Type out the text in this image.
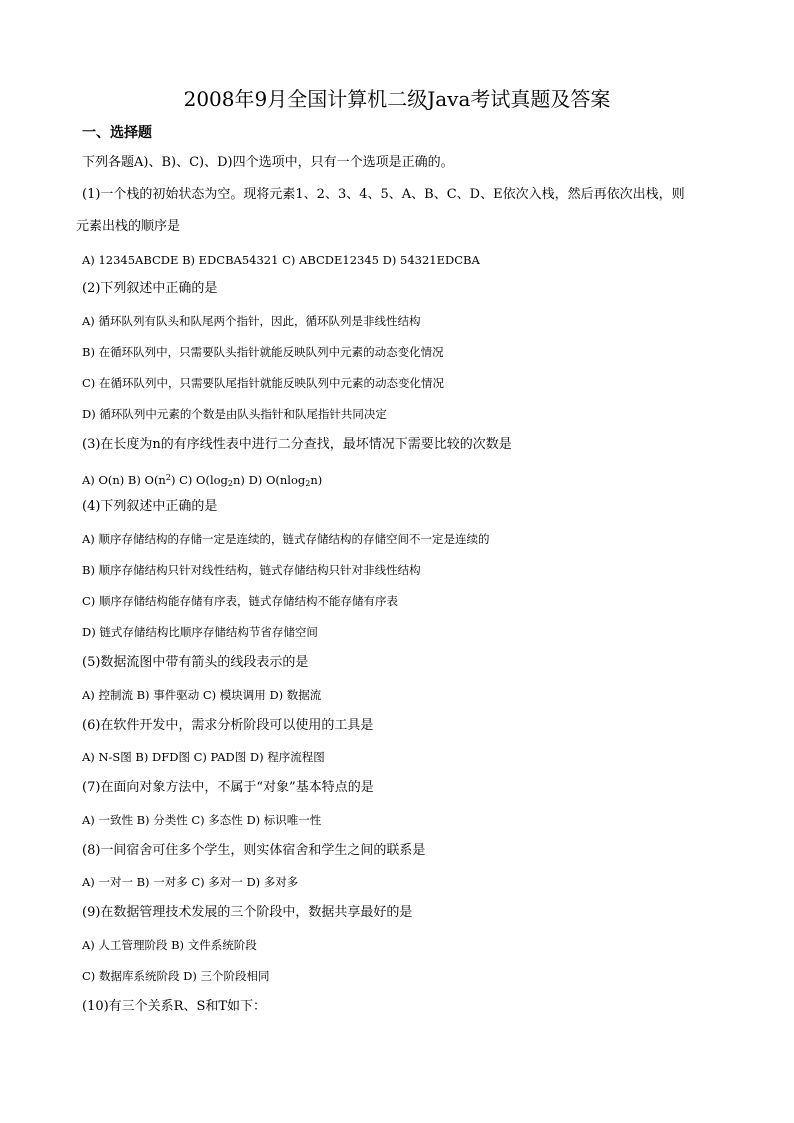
2008年9月全国计算机二级Java考试真题及答案
一、选择题
下列各题A)、B)、C)、D)四个选项中，只有一个选项是正确的。
(1)一个栈的初始状态为空。现将元素1、2、3、4、5、A、B、C、D、E依次入栈，然后再依次出栈，则
元素出栈的顺序是
A) 12345ABCDE B) EDCBA54321 C) ABCDE12345 D) 54321EDCBA
(2)下列叙述中正确的是
A) 循环队列有队头和队尾两个指针，因此，循环队列是非线性结构
B) 在循环队列中，只需要队头指针就能反映队列中元素的动态变化情况
C) 在循环队列中，只需要队尾指针就能反映队列中元素的动态变化情况
D) 循环队列中元素的个数是由队头指针和队尾指针共同决定
(3)在长度为n的有序线性表中进行二分查找，最坏情况下需要比较的次数是
A) O(n) B) $O(n^2)$ C) $O(\log_2n)$ D) O(nlog$_2$n)
(4)下列叙述中正确的是
A) 顺序存储结构的存储一定是连续的，链式存储结构的存储空间不一定是连续的
B) 顺序存储结构只针对线性结构，链式存储结构只针对非线性结构
C) 顺序存储结构能存储有序表，链式存储结构不能存储有序表
D) 链式存储结构比顺序存储结构节省存储空间
(5)数据流图中带有箭头的线段表示的是
A) 控制流 B) 事件驱动 C) 模块调用 D) 数据流
(6)在软件开发中，需求分析阶段可以使用的工具是
A) N-S图 B) DFD图 C) PAD图 D) 程序流程图
(7)在面向对象方法中，不属于“对象”基本特点的是
A) 一致性 B) 分类性 C) 多态性 D) 标识唯一性
(8)一间宿舍可住多个学生，则实体宿舍和学生之间的联系是
A) 一对一 B) 一对多 C) 多对一 D) 多对多
(9)在数据管理技术发展的三个阶段中，数据共享最好的是
A) 人工管理阶段 B) 文件系统阶段
C) 数据库系统阶段 D) 三个阶段相同
(10)有三个关系R、S和T如下：
